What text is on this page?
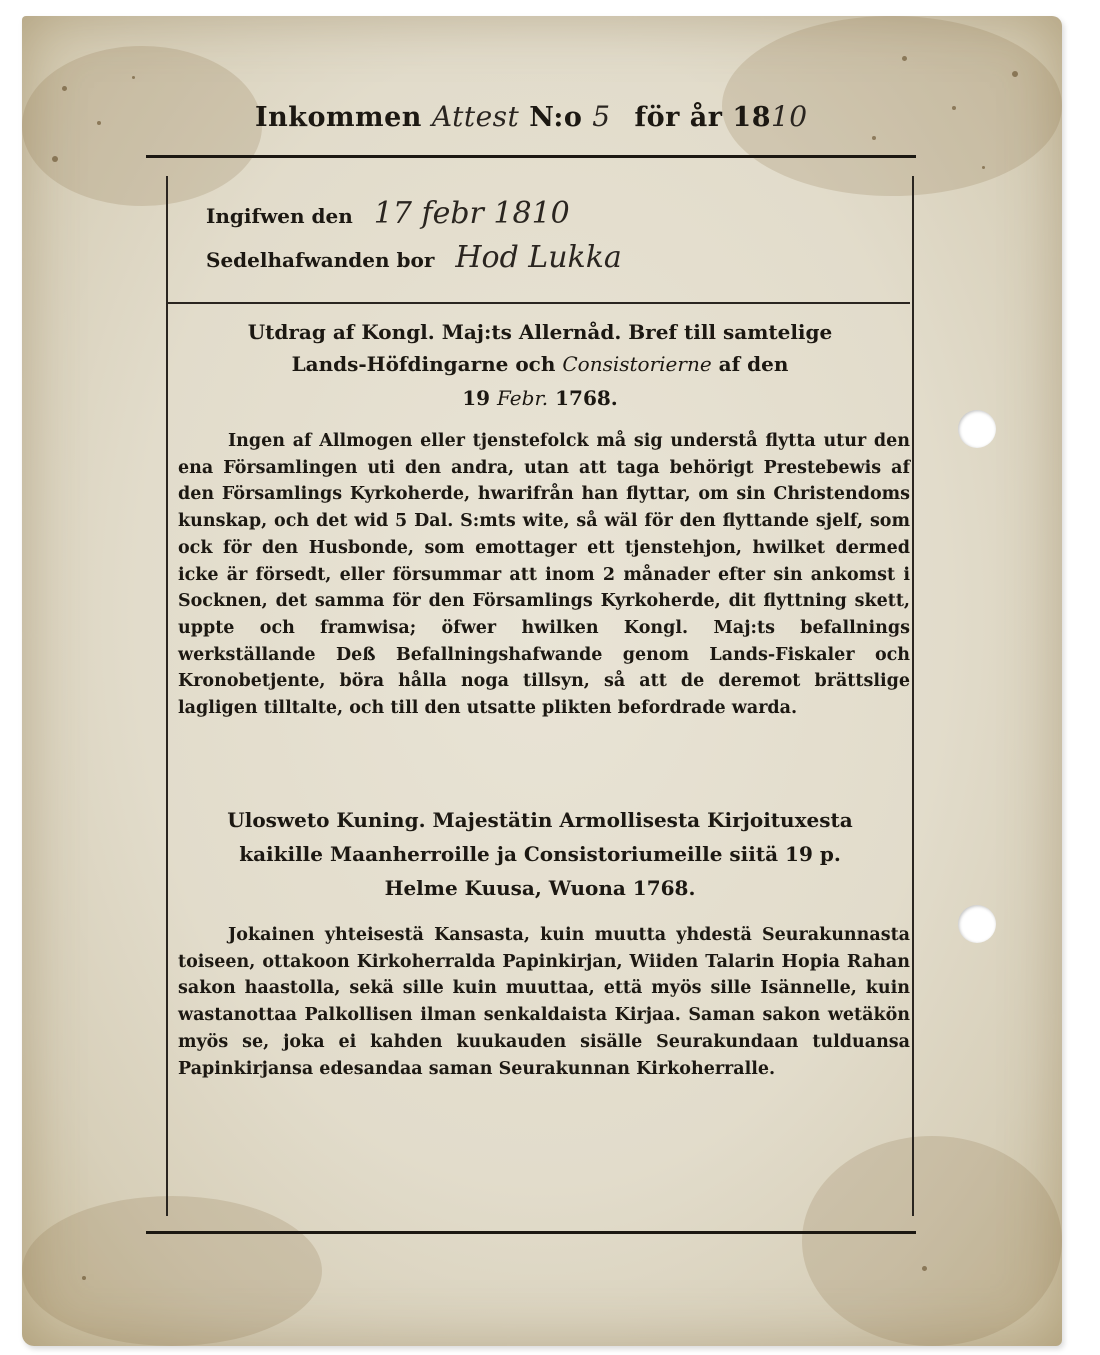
Inkommen Attest N:o 5 för år 1810
Ingifwen den 17 febr 1810
Sedelhafwanden bor Hod Lukka
Utdrag af Kongl. Maj:ts Allernåd. Bref till samtelige
Lands-Höfdingarne och Consistorierne af den
19 Febr. 1768.

Ingen af Allmogen eller tjenstefolck må sig understå flytta utur den ena Församlingen uti den andra, utan att taga behörigt Prestebewis af den Församlings Kyrkoherde, hwarifrån han flyttar, om sin Christendoms kunskap, och det wid 5 Dal. S:mts wite, så wäl för den flyttande sjelf, som ock för den Husbonde, som emottager ett tjenstehjon, hwilket dermed icke är försedt, eller försummar att inom 2 månader efter sin ankomst i Socknen, det samma för den Församlings Kyrkoherde, dit flyttning skett, uppte och framwisa; öfwer hwilken Kongl. Maj:ts befallnings werkställande Deß Befallningshafwande genom Lands-Fiskaler och Kronobetjente, böra hålla noga tillsyn, så att de deremot brättslige lagligen tilltalte, och till den utsatte plikten befordrade warda.

Ulosweto Kuning. Majestätin Armollisesta Kirjoituxesta
kaikille Maanherroille ja Consistoriumeille siitä 19 p.
Helme Kuusa, Wuona 1768.

Jokainen yhteisestä Kansasta, kuin muutta yhdestä Seurakunnasta toiseen, ottakoon Kirkoherralda Papinkirjan, Wiiden Talarin Hopia Rahan sakon haastolla, sekä sille kuin muuttaa, että myös sille Isännelle, kuin wastanottaa Palkollisen ilman senkaldaista Kirjaa. Saman sakon wetäkön myös se, joka ei kahden kuukauden sisälle Seurakundaan tulduansa Papinkirjansa edesandaa saman Seurakunnan Kirkoherralle.
